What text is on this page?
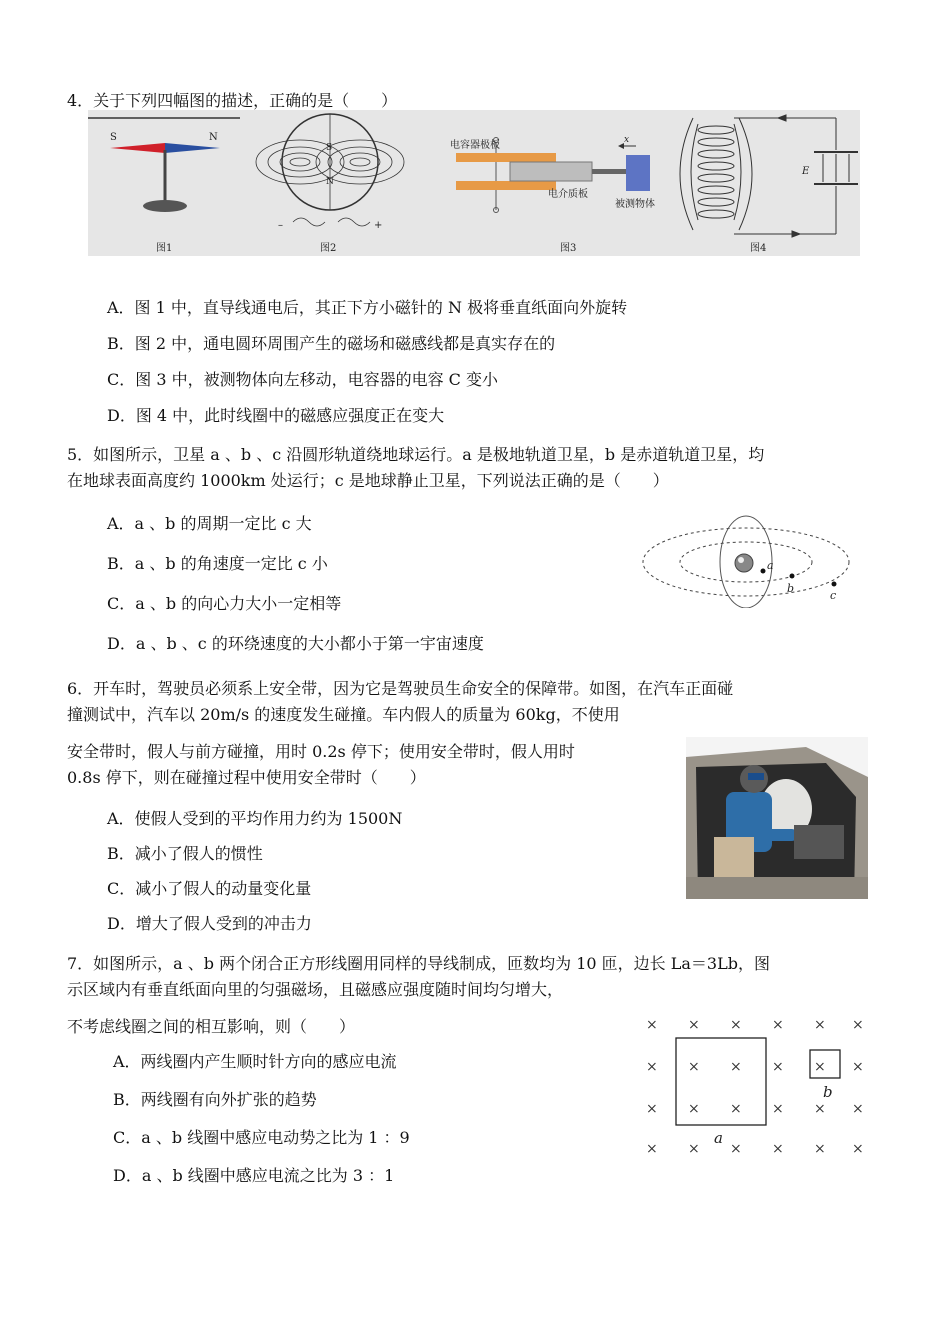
4．关于下列四幅图的描述，正确的是（　　）
S	N
S
N
–	+
电容器极板
电介质板
被测物体
x
E
图1	图2	图3	图4
A．图 1 中，直导线通电后，其正下方小磁针的 N 极将垂直纸面向外旋转
B．图 2 中，通电圆环周围产生的磁场和磁感线都是真实存在的
C．图 3 中，被测物体向左移动，电容器的电容 C 变小
D．图 4 中，此时线圈中的磁感应强度正在变大
5．如图所示，卫星 a 、b 、c 沿圆形轨道绕地球运行。a 是极地轨道卫星，b 是赤道轨道卫星，均
在地球表面高度约 1000km 处运行；c 是地球静止卫星，下列说法正确的是（　　）
A．a 、b 的周期一定比 c 大
B．a 、b 的角速度一定比 c 小
C．a 、b 的向心力大小一定相等
D．a 、b 、c 的环绕速度的大小都小于第一宇宙速度
a
b
c
6．开车时，驾驶员必须系上安全带，因为它是驾驶员生命安全的保障带。如图，在汽车正面碰
撞测试中，汽车以 20m/s 的速度发生碰撞。车内假人的质量为 60kg，不使用
安全带时，假人与前方碰撞，用时 0.2s 停下；使用安全带时，假人用时
0.8s 停下，则在碰撞过程中使用安全带时（　　）
A．使假人受到的平均作用力约为 1500N
B．减小了假人的惯性
C．减小了假人的动量变化量
D．增大了假人受到的冲击力
7．如图所示，a 、b 两个闭合正方形线圈用同样的导线制成，匝数均为 10 匝，边长 La＝3Lb，图
示区域内有垂直纸面向里的匀强磁场，且磁感应强度随时间均匀增大，
不考虑线圈之间的相互影响，则（　　）
A．两线圈内产生顺时针方向的感应电流
B．两线圈有向外扩张的趋势
C．a 、b 线圈中感应电动势之比为 1 ：9
D．a 、b 线圈中感应电流之比为 3 ：1
× × × × × ×
× × × × × ×
× × × × × ×
× × × × × ×
a
b
